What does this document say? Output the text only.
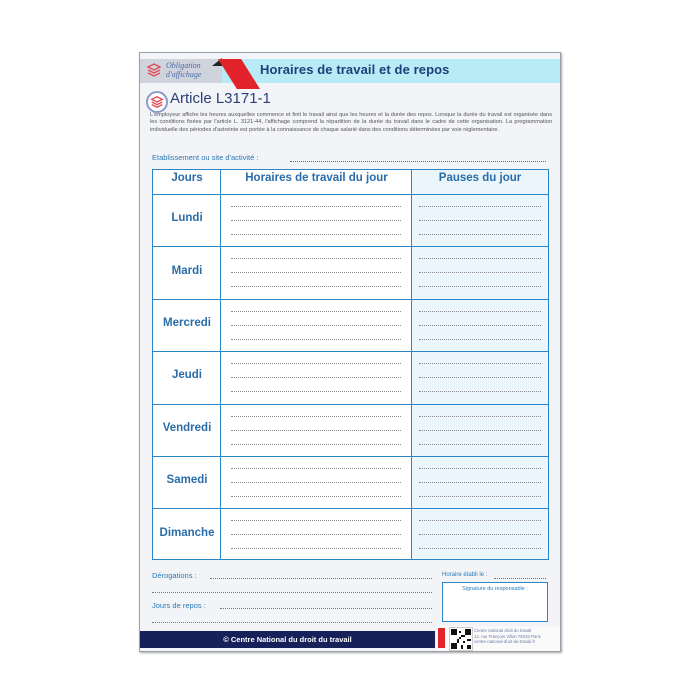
Obligation d'affichage	Horaires de travail et de repos
Article L3171-1
L'employeur affiche les heures auxquelles commence et finit le travail ainsi que les heures et la durée des repos. Lorsque la durée du travail est organisée dans les conditions fixées par l'article L. 3121-44, l'affichage comprend la répartition de la durée du travail dans le cadre de cette organisation. La programmation individuelle des périodes d'astreinte est portée à la connaissance de chaque salarié dans des conditions déterminées par voie réglementaire.
Etablissement ou site d'activité :
Jours	Horaires de travail du jour	Pauses du jour
Lundi
Mardi
Mercredi
Jeudi
Vendredi
Samedi
Dimanche
Dérogations :
Jours de repos :
Horaire établi le :
Signature du responsable :
© Centre National du droit du travail
Centre national droit du travail
12, rue François Villon 75015 Paris
centre-national-droit-du-travail.fr
